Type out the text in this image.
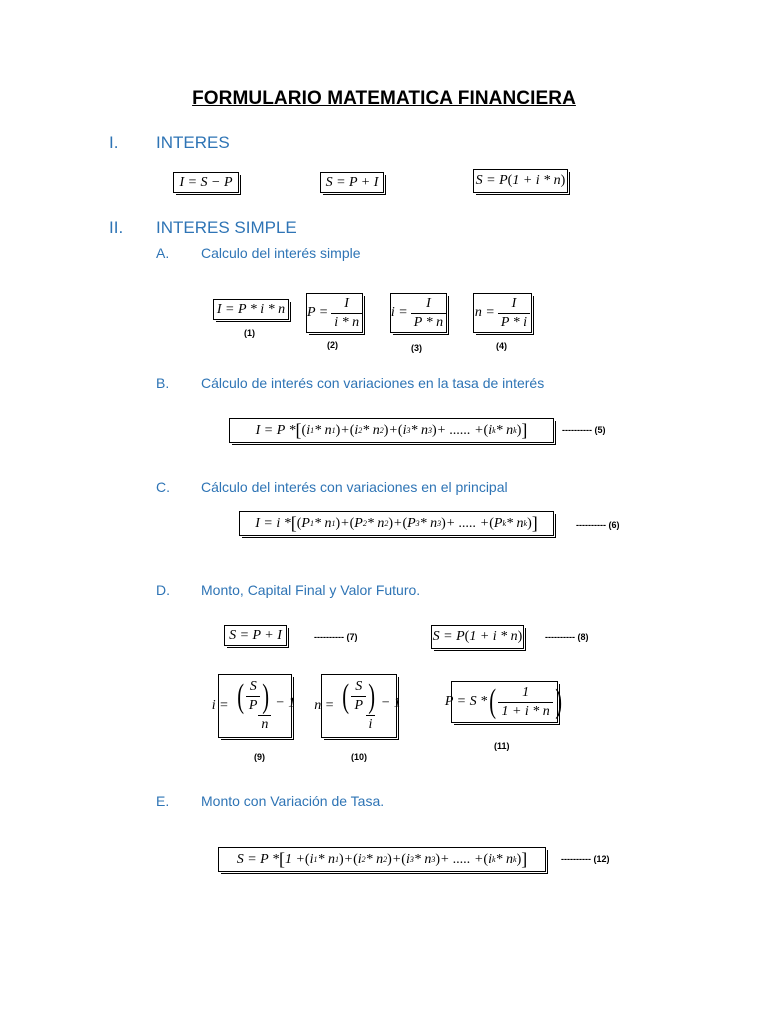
FORMULARIO MATEMATICA FINANCIERA
I. INTERES
I = S − P	S = P + I	S = P ( 1 + i * n )
II. INTERES SIMPLE
A. Calculo del interés simple
I = P * i * n
(1)
$P = \frac{I}{i * n}$
(2)
$i = \frac{I}{P * n}$
(3)
$n = \frac{I}{P * i}$
(4)
B. Cálculo de interés con variaciones en la tasa de interés
I = P * [ ( i 1 * n 1 ) + ( i 2 * n 2 ) + ( i 3 * n 3 ) + ...... + ( i k * n k ) ]	---------- (5)
C. Cálculo del interés con variaciones en el principal
I = i * [ ( P 1 * n 1 ) + ( P 2 * n 2 ) + ( P 3 * n 3 ) + ..... + ( P k * n k ) ]	---------- (6)
D. Monto, Capital Final y Valor Futuro.
S = P + I	---------- (7)	S = P ( 1 + i * n )	---------- (8)
$i = \frac{( \frac{S}{P} ) - 1}{n}$
(9)
$n = \frac{( \frac{S}{P} ) - 1}{i}$
(10)
P = S * ( $\frac{1}{1 + i * n}$ )
(11)
E. Monto con Variación de Tasa.
S = P * [ 1 + ( i 1 * n 1 ) + ( i 2 * n 2 ) + ( i 3 * n 3 ) + ..... + ( i k * n k ) ]	---------- (12)
